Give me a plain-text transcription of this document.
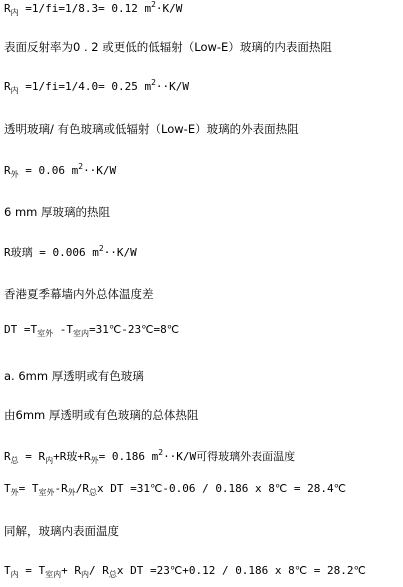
$R_内 =1/fi=1/8.3= 0.12$ $m^2\cdot K/W$
表面反射率为0 . 2 或更低的低辐射（Low-E）玻璃的内表面热阻
$R_内 =1/fi=1/4.0= 0.25$ $m^2\cdot\cdot K/W$
透明玻璃/ 有色玻璃或低辐射（Low-E）玻璃的外表面热阻
$R_外 = 0.06$ $m^2\cdot\cdot K/W$
6 mm 厚玻璃的热阻
R玻璃 = 0.006 $m^2\cdot\cdot K/W$
香港夏季幕墙内外总体温度差
DT $=T_{室外}$ $-T_{室内}=31℃-23℃=8℃$
a. 6mm 厚透明或有色玻璃
由6mm 厚透明或有色玻璃的总体热阻
$R_总 = R_内+R$玻$+R_外= 0.186$ $m^2\cdot\cdot K/W$可得玻璃外表面温度
$T_外= T_{室外}-R_外/R_总x$ DT =31℃-0.06 / 0.186 x 8℃ = 28.4℃
同解，玻璃内表面温度
$T_内 = T_{室内}+ R_内/$ $R_总x$ DT =23℃+0.12 / 0.186 x 8℃ = 28.2℃
